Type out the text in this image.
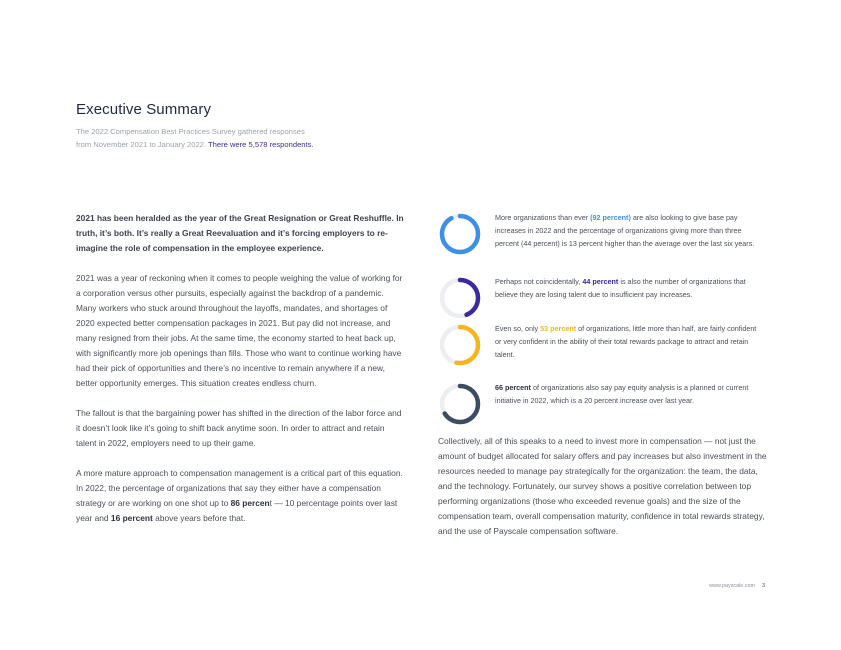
Executive Summary
The 2022 Compensation Best Practices Survey gathered responses
from November 2021 to January 2022. There were 5,578 respondents.

2021 has been heralded as the year of the Great Resignation or Great Reshuffle. In truth, it’s both. It’s really a Great Reevaluation and it’s forcing employers to re-imagine the role of compensation in the employee experience.

2021 was a year of reckoning when it comes to people weighing the value of working for a corporation versus other pursuits, especially against the backdrop of a pandemic. Many workers who stuck around throughout the layoffs, mandates, and shortages of 2020 expected better compensation packages in 2021. But pay did not increase, and many resigned from their jobs. At the same time, the economy started to heat back up, with significantly more job openings than fills. Those who want to continue working have had their pick of opportunities and there’s no incentive to remain anywhere if a new, better opportunity emerges. This situation creates endless churn.

The fallout is that the bargaining power has shifted in the direction of the labor force and it doesn’t look like it’s going to shift back anytime soon. In order to attract and retain talent in 2022, employers need to up their game.

A more mature approach to compensation management is a critical part of this equation. In 2022, the percentage of organizations that say they either have a compensation strategy or are working on one shot up to 86 percent — 10 percentage points over last year and 16 percent above years before that.

More organizations than ever (92 percent) are also looking to give base pay increases in 2022 and the percentage of organizations giving more than three percent (44 percent) is 13 percent higher than the average over the last six years.
Perhaps not coincidentally, 44 percent is also the number of organizations that believe they are losing talent due to insufficient pay increases.
Even so, only 53 percent of organizations, little more than half, are fairly confident or very confident in the ability of their total rewards package to attract and retain talent.
66 percent of organizations also say pay equity analysis is a planned or current initiative in 2022, which is a 20 percent increase over last year.

Collectively, all of this speaks to a need to invest more in compensation — not just the amount of budget allocated for salary offers and pay increases but also investment in the resources needed to manage pay strategically for the organization: the team, the data, and the technology. Fortunately, our survey shows a positive correlation between top performing organizations (those who exceeded revenue goals) and the size of the compensation team, overall compensation maturity, confidence in total rewards strategy, and the use of Payscale compensation software.

www.payscale.com 3
